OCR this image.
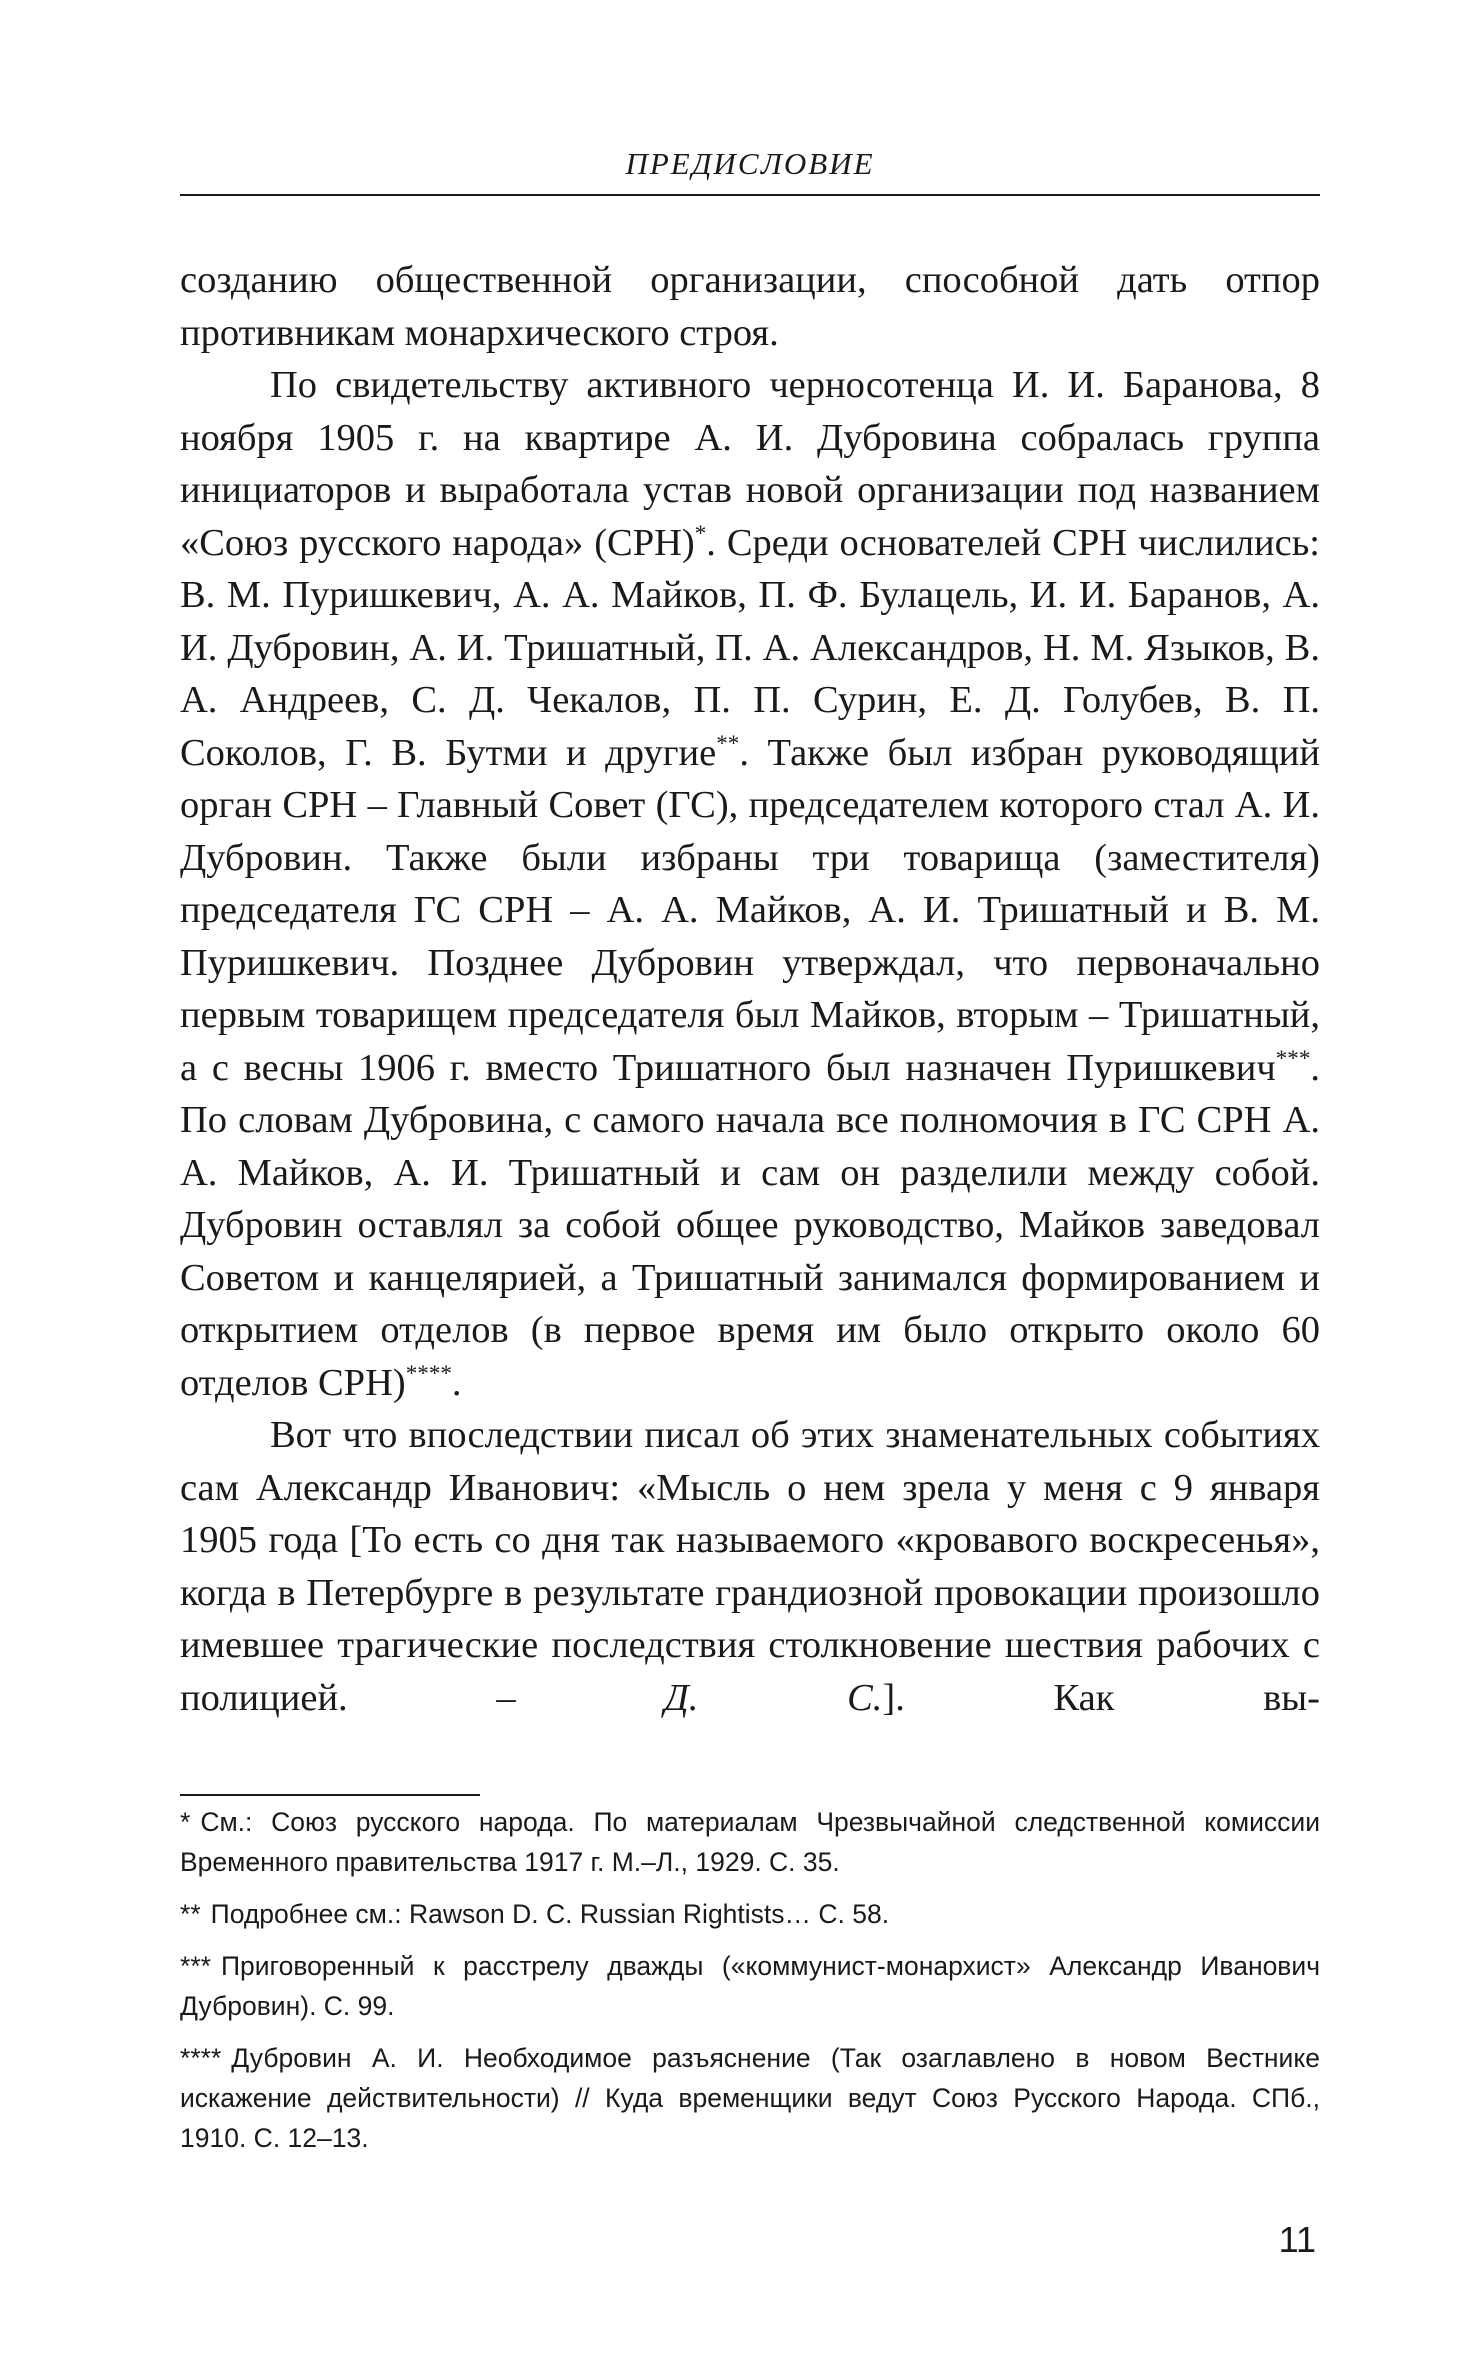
ПРЕДИСЛОВИЕ

созданию общественной организации, способной дать отпор противникам монархического строя.

По свидетельству активного черносотенца И. И. Баранова, 8 ноября 1905 г. на квартире А. И. Дубровина собралась группа инициаторов и выработала устав новой организации под названием «Союз русского народа» (СРН)*. Среди основателей СРН числились: В. М. Пуришкевич, А. А. Майков, П. Ф. Булацель, И. И. Баранов, А. И. Дубровин, А. И. Тришатный, П. А. Александров, Н. М. Языков, В. А. Андреев, С. Д. Чекалов, П. П. Сурин, Е. Д. Голубев, В. П. Соколов, Г. В. Бутми и другие**. Также был избран руководящий орган СРН – Главный Совет (ГС), председателем которого стал А. И. Дубровин. Также были избраны три товарища (заместителя) председателя ГС СРН – А. А. Майков, А. И. Тришатный и В. М. Пуришкевич. Позднее Дубровин утверждал, что первоначально первым товарищем председателя был Майков, вторым – Тришатный, а с весны 1906 г. вместо Тришатного был назначен Пуришкевич***. По словам Дубровина, с самого начала все полномочия в ГС СРН А. А. Майков, А. И. Тришатный и сам он разделили между собой. Дубровин оставлял за собой общее руководство, Майков заведовал Советом и канцелярией, а Тришатный занимался формированием и открытием отделов (в первое время им было открыто около 60 отделов СРН)****.

Вот что впоследствии писал об этих знаменательных событиях сам Александр Иванович: «Мысль о нем зрела у меня с 9 января 1905 года [То есть со дня так называемого «кровавого воскресенья», когда в Петербурге в результате грандиозной провокации произошло имевшее трагические последствия столкновение шествия рабочих с полицией. – Д. С.]. Как вы-

* См.: Союз русского народа. По материалам Чрезвычайной следственной комиссии Временного правительства 1917 г. М.–Л., 1929. С. 35.

** Подробнее см.: Rawson D. C. Russian Rightists… С. 58.

*** Приговоренный к расстрелу дважды («коммунист-монархист» Александр Иванович Дубровин). С. 99.

**** Дубровин А. И. Необходимое разъяснение (Так озаглавлено в новом Вестнике искажение действительности) // Куда временщики ведут Союз Русского Народа. СПб., 1910. С. 12–13.

11
